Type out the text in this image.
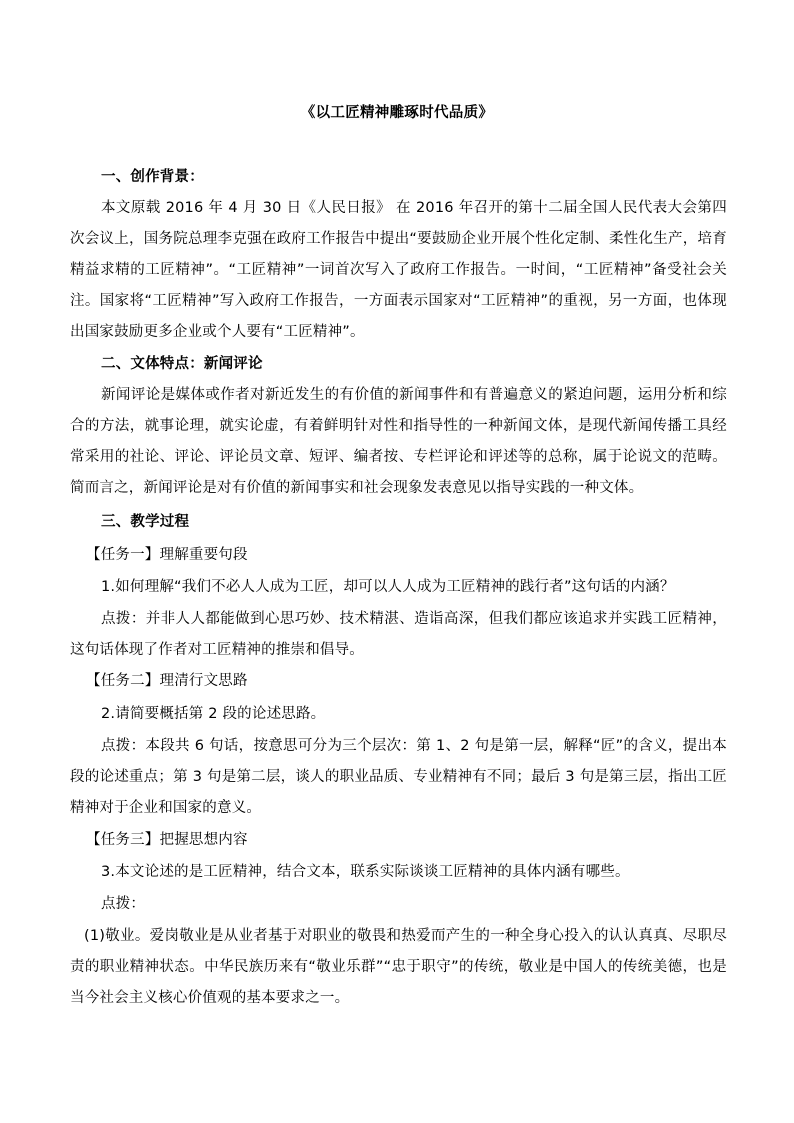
《以工匠精神雕琢时代品质》

一、创作背景：

本文原载 2016 年 4 月 30 日《人民日报》 在 2016 年召开的第十二届全国人民代表大会第四次会议上，国务院总理李克强在政府工作报告中提出“要鼓励企业开展个性化定制、柔性化生产，培育精益求精的工匠精神”。“工匠精神”一词首次写入了政府工作报告。一时间，“工匠精神”备受社会关注。国家将“工匠精神”写入政府工作报告，一方面表示国家对“工匠精神”的重视，另一方面，也体现出国家鼓励更多企业或个人要有“工匠精神”。

二、文体特点：新闻评论

新闻评论是媒体或作者对新近发生的有价值的新闻事件和有普遍意义的紧迫问题，运用分析和综合的方法，就事论理，就实论虚，有着鲜明针对性和指导性的一种新闻文体，是现代新闻传播工具经常采用的社论、评论、评论员文章、短评、编者按、专栏评论和评述等的总称，属于论说文的范畴。简而言之，新闻评论是对有价值的新闻事实和社会现象发表意见以指导实践的一种文体。

三、教学过程

【任务一】理解重要句段

1.如何理解“我们不必人人成为工匠，却可以人人成为工匠精神的践行者”这句话的内涵？

点拨：并非人人都能做到心思巧妙、技术精湛、造诣高深，但我们都应该追求并实践工匠精神，这句话体现了作者对工匠精神的推崇和倡导。

【任务二】理清行文思路

2.请简要概括第 2 段的论述思路。

点拨：本段共 6 句话，按意思可分为三个层次：第 1、2 句是第一层，解释“匠”的含义，提出本段的论述重点；第 3 句是第二层，谈人的职业品质、专业精神有不同；最后 3 句是第三层，指出工匠精神对于企业和国家的意义。

【任务三】把握思想内容

3.本文论述的是工匠精神，结合文本，联系实际谈谈工匠精神的具体内涵有哪些。

点拨：

(1)敬业。爱岗敬业是从业者基于对职业的敬畏和热爱而产生的一种全身心投入的认认真真、尽职尽责的职业精神状态。中华民族历来有“敬业乐群”“忠于职守”的传统，敬业是中国人的传统美德，也是当今社会主义核心价值观的基本要求之一。
